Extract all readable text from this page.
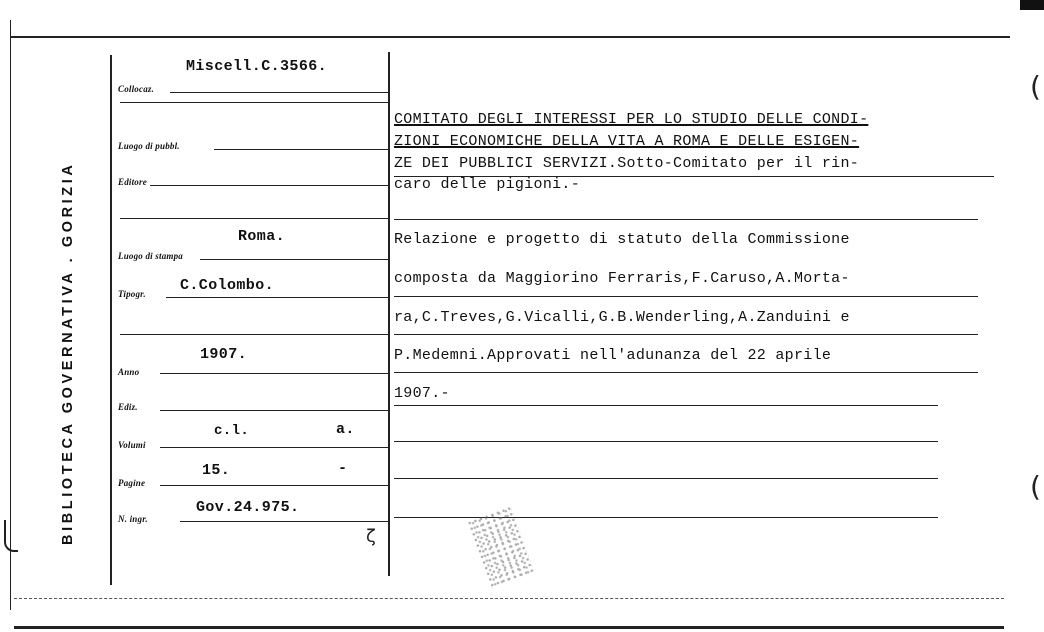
BIBLIOTECA GOVERNATIVA . GORIZIA
Miscell.C.3566.
Collocaz.
Luogo di pubbl.
Editore
Roma.
Luogo di stampa
C.Colombo.
Tipogr.
1907.
Anno
Ediz.
c.l.	a.
Volumi
15.	-
Pagine
Gov.24.975.
N. ingr.
ζ
COMITATO DEGLI INTERESSI PER LO STUDIO DELLE CONDI-
ZIONI ECONOMICHE DELLA VITA A ROMA E DELLE ESIGEN-
ZE DEI PUBBLICI SERVIZI.Sotto-Comitato per il rin-
caro delle pigioni.-
Relazione e progetto di statuto della Commissione
composta da Maggiorino Ferraris,F.Caruso,A.Morta-
ra,C.Treves,G.Vicalli,G.B.Wenderling,A.Zanduini e
P.Medemni.Approvati nell'adunanza del 22 aprile
1907.-
(
(
